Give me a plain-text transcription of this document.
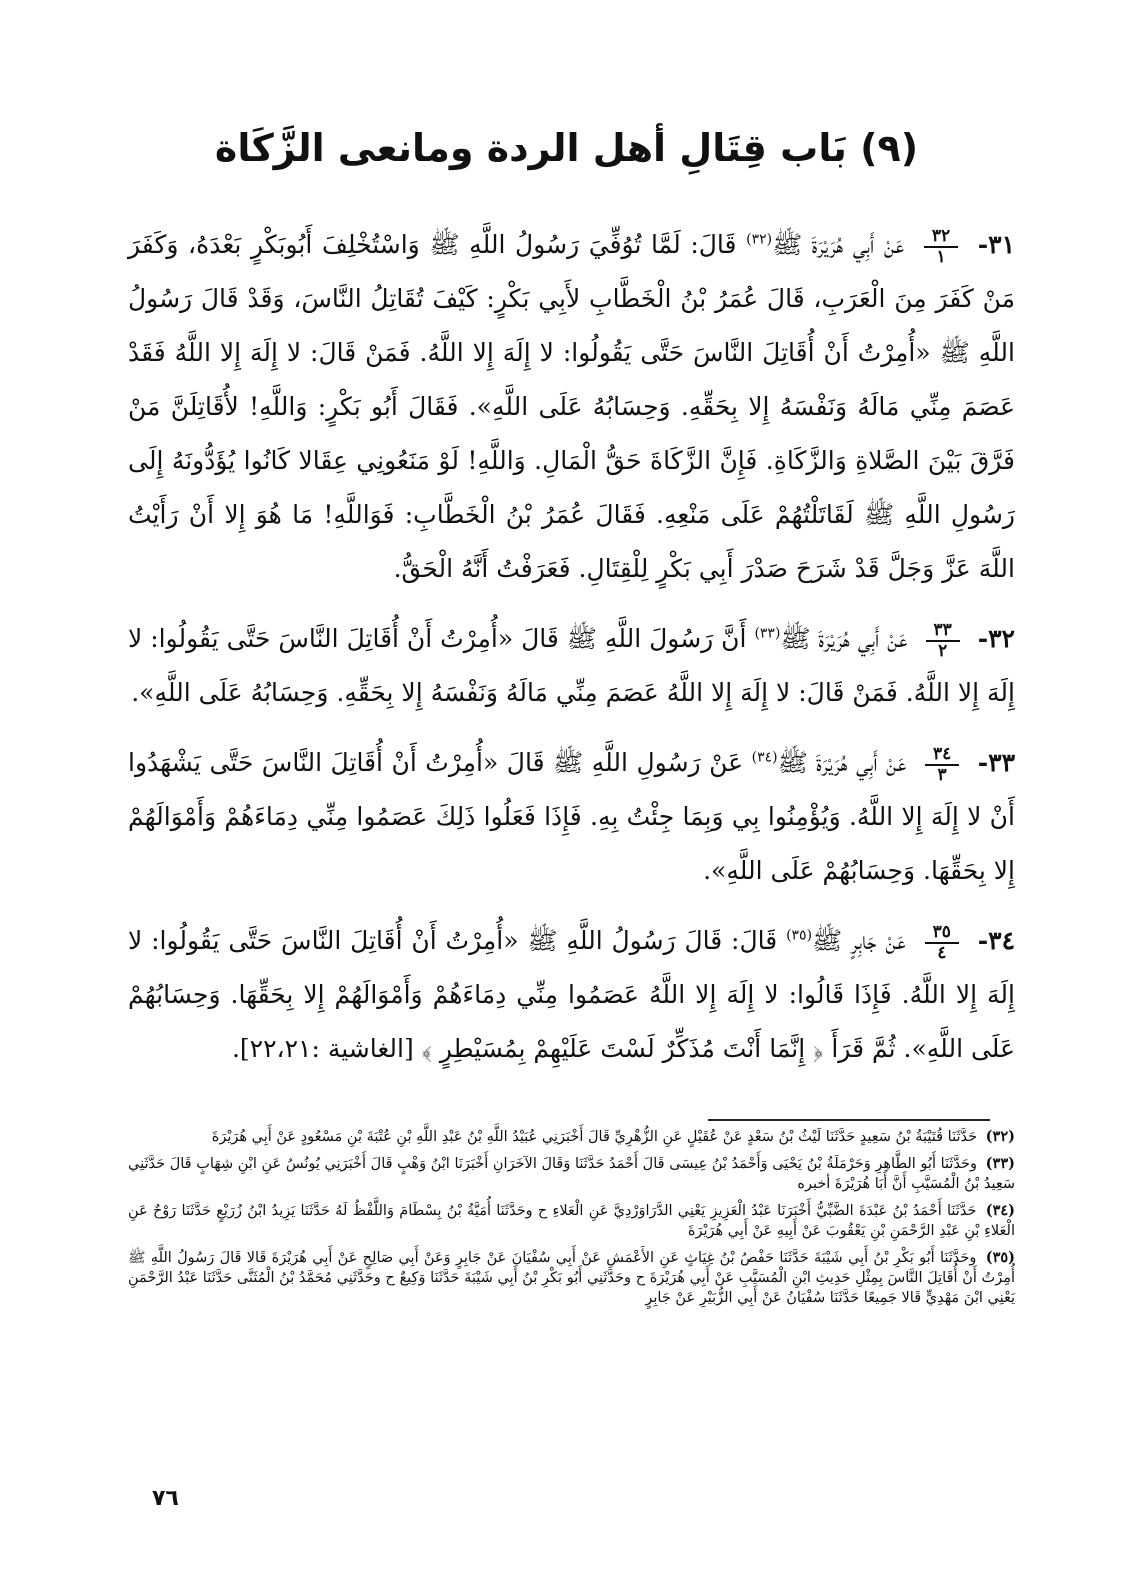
(٩) بَاب قِتَالِ أهل الردة ومانعى الزَّكَاة

٣١-
$\frac{٣٢}{١}$
عَنْ أَبِي هُرَيْرَةَ ﷺ$^{(٣٢)}$ قَالَ: لَمَّا تُوُفِّيَ رَسُولُ اللَّهِ ﷺ وَاسْتُخْلِفَ أَبُوبَكْرٍ بَعْدَهُ، وَكَفَرَ مَنْ كَفَرَ مِنَ الْعَرَبِ، قَالَ عُمَرُ بْنُ الْخَطَّابِ لأَبِي بَكْرٍ: كَيْفَ تُقَاتِلُ النَّاسَ، وَقَدْ قَالَ رَسُولُ اللَّهِ ﷺ «أُمِرْتُ أَنْ أُقَاتِلَ النَّاسَ حَتَّى يَقُولُوا: لا إِلَهَ إِلا اللَّهُ. فَمَنْ قَالَ: لا إِلَهَ إِلا اللَّهُ فَقَدْ عَصَمَ مِنِّي مَالَهُ وَنَفْسَهُ إِلا بِحَقِّهِ. وَحِسَابُهُ عَلَى اللَّهِ». فَقَالَ أَبُو بَكْرٍ: وَاللَّهِ! لأُقَاتِلَنَّ مَنْ فَرَّقَ بَيْنَ الصَّلاةِ وَالزَّكَاةِ. فَإِنَّ الزَّكَاةَ حَقُّ الْمَالِ. وَاللَّهِ! لَوْ مَنَعُونِي عِقَالا كَانُوا يُؤَدُّونَهُ إِلَى رَسُولِ اللَّهِ ﷺ لَقَاتَلْتُهُمْ عَلَى مَنْعِهِ. فَقَالَ عُمَرُ بْنُ الْخَطَّابِ: فَوَاللَّهِ! مَا هُوَ إِلا أَنْ رَأَيْتُ اللَّهَ عَزَّ وَجَلَّ قَدْ شَرَحَ صَدْرَ أَبِي بَكْرٍ لِلْقِتَالِ. فَعَرَفْتُ أَنَّهُ الْحَقُّ.

٣٢-
$\frac{٣٣}{٢}$
عَنْ أَبِي هُرَيْرَةَ ﷺ$^{(٣٣)}$ أَنَّ رَسُولَ اللَّهِ ﷺ قَالَ «أُمِرْتُ أَنْ أُقَاتِلَ النَّاسَ حَتَّى يَقُولُوا: لا إِلَهَ إِلا اللَّهُ. فَمَنْ قَالَ: لا إِلَهَ إِلا اللَّهُ عَصَمَ مِنِّي مَالَهُ وَنَفْسَهُ إِلا بِحَقِّهِ. وَحِسَابُهُ عَلَى اللَّهِ».

٣٣-
$\frac{٣٤}{٣}$
عَنْ أَبِي هُرَيْرَةَ ﷺ$^{(٣٤)}$ عَنْ رَسُولِ اللَّهِ ﷺ قَالَ «أُمِرْتُ أَنْ أُقَاتِلَ النَّاسَ حَتَّى يَشْهَدُوا أَنْ لا إِلَهَ إِلا اللَّهُ. وَيُؤْمِنُوا بِي وَبِمَا جِئْتُ بِهِ. فَإِذَا فَعَلُوا ذَلِكَ عَصَمُوا مِنِّي دِمَاءَهُمْ وَأَمْوَالَهُمْ إِلا بِحَقِّهَا. وَحِسَابُهُمْ عَلَى اللَّهِ».

٣٤-
$\frac{٣٥}{٤}$
عَنْ جَابِرٍ ﷺ$^{(٣٥)}$ قَالَ: قَالَ رَسُولُ اللَّهِ ﷺ «أُمِرْتُ أَنْ أُقَاتِلَ النَّاسَ حَتَّى يَقُولُوا: لا إِلَهَ إِلا اللَّهُ. فَإِذَا قَالُوا: لا إِلَهَ إِلا اللَّهُ عَصَمُوا مِنِّي دِمَاءَهُمْ وَأَمْوَالَهُمْ إِلا بِحَقِّهَا. وَحِسَابُهُمْ عَلَى اللَّهِ». ثُمَّ قَرَأَ ﴿ إِنَّمَا أَنْتَ مُذَكِّرٌ لَسْتَ عَلَيْهِمْ بِمُسَيْطِرٍ ﴾ [الغاشية :٢٢،٢١].

(٣٢) حَدَّثَنَا قُتَيْبَةُ بْنُ سَعِيدٍ حَدَّثَنَا لَيْثُ بْنُ سَعْدٍ عَنْ عُقَيْلٍ عَنِ الزُّهْرِيِّ قَالَ أَخْبَرَنِي عُبَيْدُ اللَّهِ بْنُ عَبْدِ اللَّهِ بْنِ عُتْبَةَ بْنِ مَسْعُودٍ عَنْ أَبِي هُرَيْرَةَ

(٣٣) وحَدَّثَنَا أَبُو الطَّاهِرِ وَحَرْمَلَةُ بْنُ يَحْيَى وَأَحْمَدُ بْنُ عِيسَى قَالَ أَحْمَدُ حَدَّثَنَا وَقَالَ الآخَرَانِ أَخْبَرَنَا ابْنُ وَهْبٍ قَالَ أَخْبَرَنِي يُونُسُ عَنِ ابْنِ شِهَابٍ قَالَ حَدَّثَنِي سَعِيدُ بْنُ الْمُسَيَّبِ أَنَّ أَبَا هُرَيْرَةَ أخبره

(٣٤) حَدَّثَنَا أَحْمَدُ بْنُ عَبْدَةَ الضَّبِّيُّ أَخْبَرَنَا عَبْدُ الْعَزِيزِ يَعْنِي الدَّرَاوَرْدِيَّ عَنِ الْعَلاءِ ح وحَدَّثَنَا أُمَيَّةُ بْنُ بِسْطَامَ وَاللَّفْظُ لَهُ حَدَّثَنَا يَزِيدُ ابْنُ زُرَيْعٍ حَدَّثَنَا رَوْحٌ عَنِ الْعَلاءِ بْنِ عَبْدِ الرَّحْمَنِ بْنِ يَعْقُوبَ عَنْ أَبِيهِ عَنْ أَبِي هُرَيْرَةَ

(٣٥) وحَدَّثَنَا أَبُو بَكْرِ بْنُ أَبِي شَيْبَةَ حَدَّثَنَا حَفْصُ بْنُ غِيَاثٍ عَنِ الأَعْمَشِ عَنْ أَبِي سُفْيَانَ عَنْ جَابِرٍ وَعَنْ أَبِي صَالِحٍ عَنْ أَبِي هُرَيْرَةَ قَالا قَالَ رَسُولُ اللَّهِ ﷺ أُمِرْتُ أَنْ أُقَاتِلَ النَّاسَ بِمِثْلِ حَدِيثِ ابْنِ الْمُسَيَّبِ عَنْ أَبِي هُرَيْرَةَ ح وحَدَّثَنِي أَبُو بَكْرِ بْنُ أَبِي شَيْبَةَ حَدَّثَنَا وَكِيعٌ ح وحَدَّثَنِي مُحَمَّدُ بْنُ الْمُثَنَّى حَدَّثَنَا عَبْدُ الرَّحْمَنِ يَعْنِي ابْنَ مَهْدِيٍّ قَالا جَمِيعًا حَدَّثَنَا سُفْيَانُ عَنْ أَبِي الزُّبَيْرِ عَنْ جَابِرٍ

٧٦
